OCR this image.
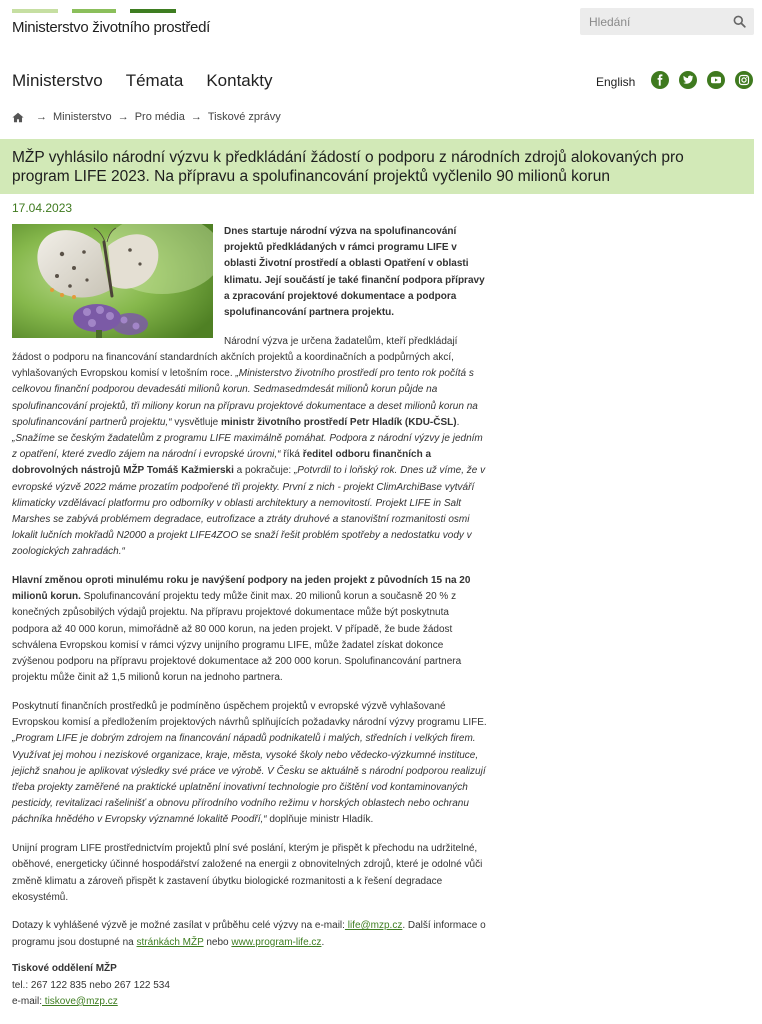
Ministerstvo životního prostředí
Hledání
Ministerstvo Témata Kontakty	English
→ Ministerstvo → Pro média → Tiskové zprávy
MŽP vyhlásilo národní výzvu k předkládání žádostí o podporu z národních zdrojů alokovaných pro program LIFE 2023. Na přípravu a spolufinancování projektů vyčlenilo 90 milionů korun
17.04.2023

Dnes startuje národní výzva na spolufinancování projektů předkládaných v rámci programu LIFE v oblasti Životní prostředí a oblasti Opatření v oblasti klimatu. Její součástí je také finanční podpora přípravy a zpracování projektové dokumentace a podpora spolufinancování partnera projektu.

Národní výzva je určena žadatelům, kteří předkládají žádost o podporu na financování standardních akčních projektů a koordinačních a podpůrných akcí, vyhlašovaných Evropskou komisí v letošním roce. „Ministerstvo životního prostředí pro tento rok počítá s celkovou finanční podporou devadesáti milionů korun. Sedmasedmdesát milionů korun půjde na spolufinancování projektů, tři miliony korun na přípravu projektové dokumentace a deset milionů korun na spolufinancování partnerů projektu,“ vysvětluje ministr životního prostředí Petr Hladík (KDU-ČSL). „Snažíme se českým žadatelům z programu LIFE maximálně pomáhat. Podpora z národní výzvy je jedním z opatření, které zvedlo zájem na národní i evropské úrovni,“ říká ředitel odboru finančních a dobrovolných nástrojů MŽP Tomáš Kažmierski a pokračuje: „Potvrdil to i loňský rok. Dnes už víme, že v evropské výzvě 2022 máme prozatím podpořené tři projekty. První z nich - projekt ClimArchiBase vytváří klimaticky vzdělávací platformu pro odborníky v oblasti architektury a nemovitostí. Projekt LIFE in Salt Marshes se zabývá problémem degradace, eutrofizace a ztráty druhové a stanovištní rozmanitosti osmi lokalit lučních mokřadů N2000 a projekt LIFE4ZOO se snaží řešit problém spotřeby a nedostatku vody v zoologických zahradách.“

Hlavní změnou oproti minulému roku je navýšení podpory na jeden projekt z původních 15 na 20 milionů korun. Spolufinancování projektu tedy může činit max. 20 milionů korun a současně 20 % z konečných způsobilých výdajů projektu. Na přípravu projektové dokumentace může být poskytnuta podpora až 40 000 korun, mimořádně až 80 000 korun, na jeden projekt. V případě, že bude žádost schválena Evropskou komisí v rámci výzvy unijního programu LIFE, může žadatel získat dokonce zvýšenou podporu na přípravu projektové dokumentace až 200 000 korun. Spolufinancování partnera projektu může činit až 1,5 milionů korun na jednoho partnera.

Poskytnutí finančních prostředků je podmíněno úspěchem projektů v evropské výzvě vyhlašované Evropskou komisí a předložením projektových návrhů splňujících požadavky národní výzvy programu LIFE. „Program LIFE je dobrým zdrojem na financování nápadů podnikatelů i malých, středních i velkých firem. Využívat jej mohou i neziskové organizace, kraje, města, vysoké školy nebo vědecko-výzkumné instituce, jejichž snahou je aplikovat výsledky své práce ve výrobě. V Česku se aktuálně s národní podporou realizují třeba projekty zaměřené na praktické uplatnění inovativní technologie pro čištění vod kontaminovaných pesticidy, revitalizaci rašelinišť a obnovu přírodního vodního režimu v horských oblastech nebo ochranu páchníka hnědého v Evropsky významné lokalitě Poodří,“ doplňuje ministr Hladík.

Unijní program LIFE prostřednictvím projektů plní své poslání, kterým je přispět k přechodu na udržitelné, oběhové, energeticky účinné hospodářství založené na energii z obnovitelných zdrojů, které je odolné vůči změně klimatu a zároveň přispět k zastavení úbytku biologické rozmanitosti a k řešení degradace ekosystémů.

Dotazy k vyhlášené výzvě je možné zasílat v průběhu celé výzvy na e-mail: life@mzp.cz. Další informace o programu jsou dostupné na stránkách MŽP nebo www.program-life.cz.

Tiskové oddělení MŽP
tel.: 267 122 835 nebo 267 122 534
e-mail: tiskove@mzp.cz
